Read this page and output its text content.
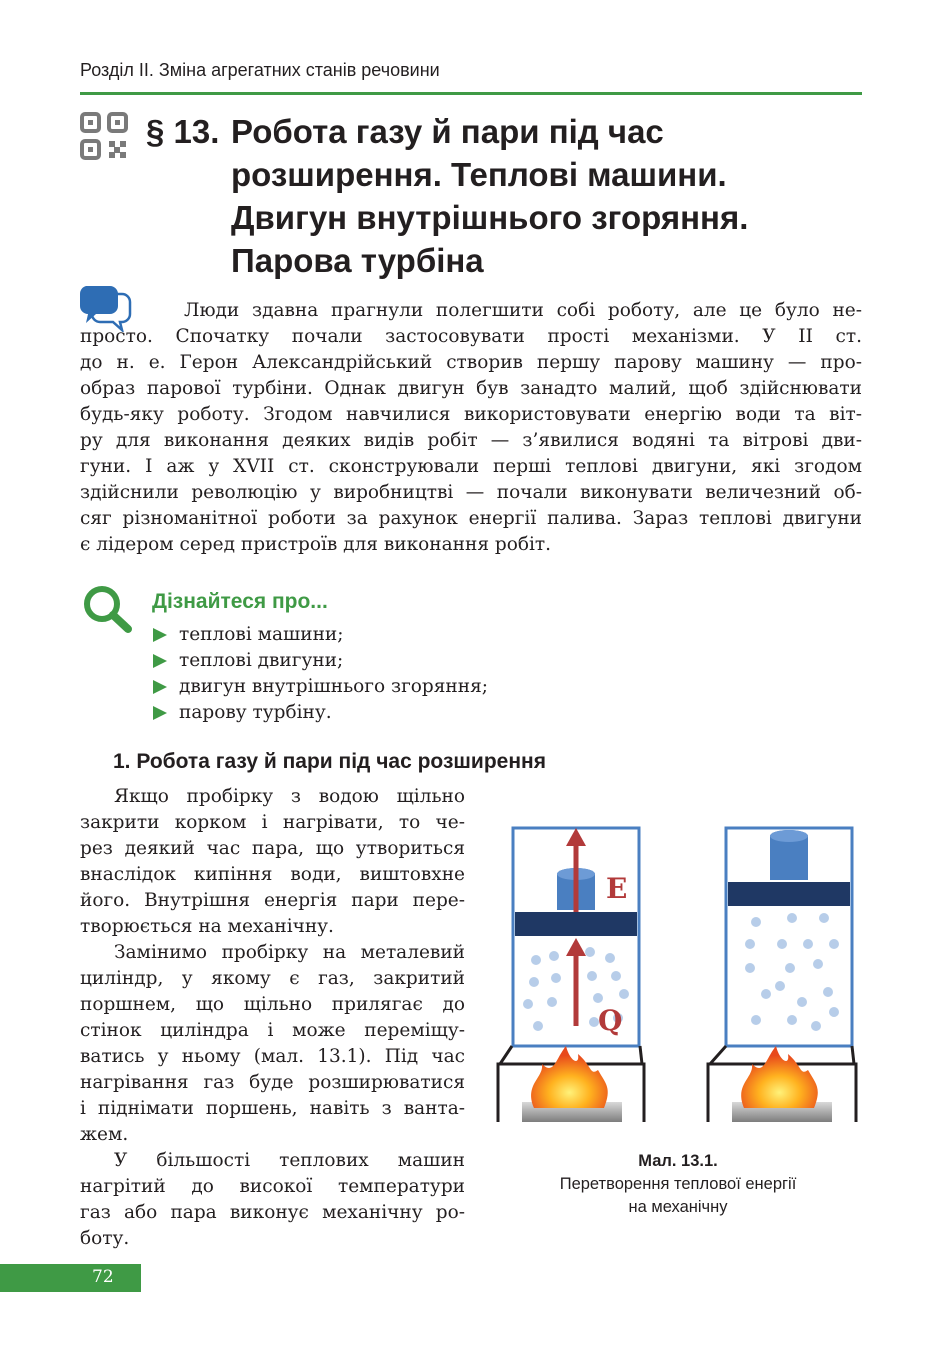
Розділ II. Зміна агрегатних станів речовини
§ 13. Робота газу й пари під час
розширення. Теплові машини.
Двигун внутрішнього згоряння.
Парова турбіна
Люди здавна прагнули полегшити собі роботу, але це було не-
просто. Спочатку почали застосовувати прості механізми. У II ст.
до н. е. Герон Александрійський створив першу парову машину — про-
образ парової турбіни. Однак двигун був занадто малий, щоб здійснювати
будь-яку роботу. Згодом навчилися використовувати енергію води та віт-
ру для виконання деяких видів робіт — з’явилися водяні та вітрові дви-
гуни. І аж у XVII ст. сконструювали перші теплові двигуни, які згодом
здійснили революцію у виробництві — почали виконувати величезний об-
сяг різноманітної роботи за рахунок енергії палива. Зараз теплові двигуни
є лідером серед пристроїв для виконання робіт.
Дізнайтеся про...
теплові машини;
теплові двигуни;
двигун внутрішнього згоряння;
парову турбіну.
1. Робота газу й пари під час розширення
Якщо пробірку з водою щільно
закрити корком і нагрівати, то че-
рез деякий час пара, що утвориться
внаслідок кипіння води, виштовхне
його. Внутрішня енергія пари пере-
творюється на механічну.
Замінимо пробірку на металевий
циліндр, у якому є газ, закритий
поршнем, що щільно прилягає до
стінок циліндра і може переміщу-
ватись у ньому (мал. 13.1). Під час
нагрівання газ буде розширюватися
і піднімати поршень, навіть з ванта-
жем.
У більшості теплових машин
нагрітий до високої температури
газ або пара виконує механічну ро-
боту.
E
Q
Мал. 13.1.
Перетворення теплової енергії
на механічну
72
